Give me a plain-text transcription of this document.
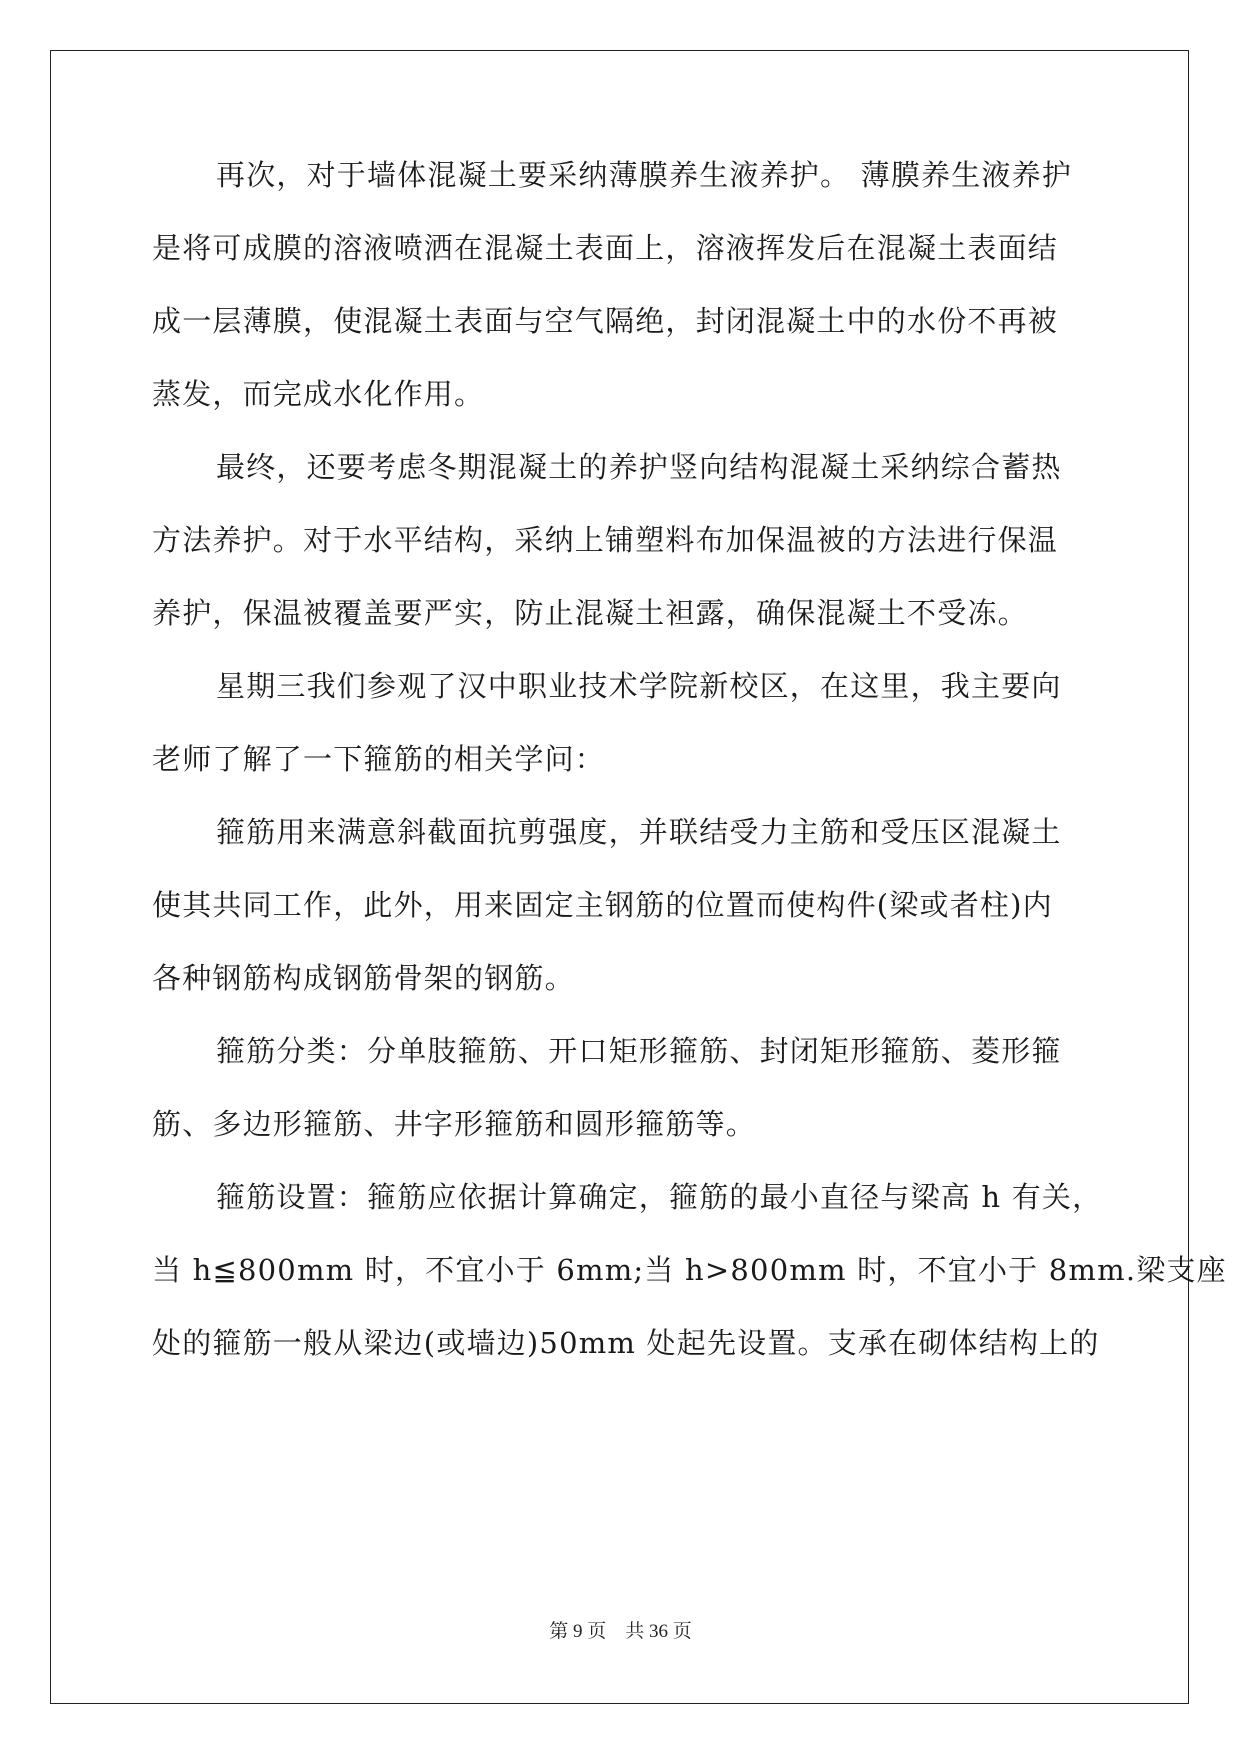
再次，对于墙体混凝土要采纳薄膜养生液养护。 薄膜养生液养护
是将可成膜的溶液喷洒在混凝土表面上，溶液挥发后在混凝土表面结
成一层薄膜，使混凝土表面与空气隔绝，封闭混凝土中的水份不再被
蒸发，而完成水化作用。
最终，还要考虑冬期混凝土的养护竖向结构混凝土采纳综合蓄热
方法养护。对于水平结构，采纳上铺塑料布加保温被的方法进行保温
养护，保温被覆盖要严实，防止混凝土袒露，确保混凝土不受冻。
星期三我们参观了汉中职业技术学院新校区，在这里，我主要向
老师了解了一下箍筋的相关学问：
箍筋用来满意斜截面抗剪强度，并联结受力主筋和受压区混凝土
使其共同工作，此外，用来固定主钢筋的位置而使构件(梁或者柱)内
各种钢筋构成钢筋骨架的钢筋。
箍筋分类：分单肢箍筋、开口矩形箍筋、封闭矩形箍筋、菱形箍
筋、多边形箍筋、井字形箍筋和圆形箍筋等。
箍筋设置：箍筋应依据计算确定，箍筋的最小直径与梁高 h 有关，
当 h≦800mm 时，不宜小于 6mm;当 h>800mm 时，不宜小于 8mm.梁支座
处的箍筋一般从梁边(或墙边)50mm 处起先设置。支承在砌体结构上的
第 9 页 共 36 页
